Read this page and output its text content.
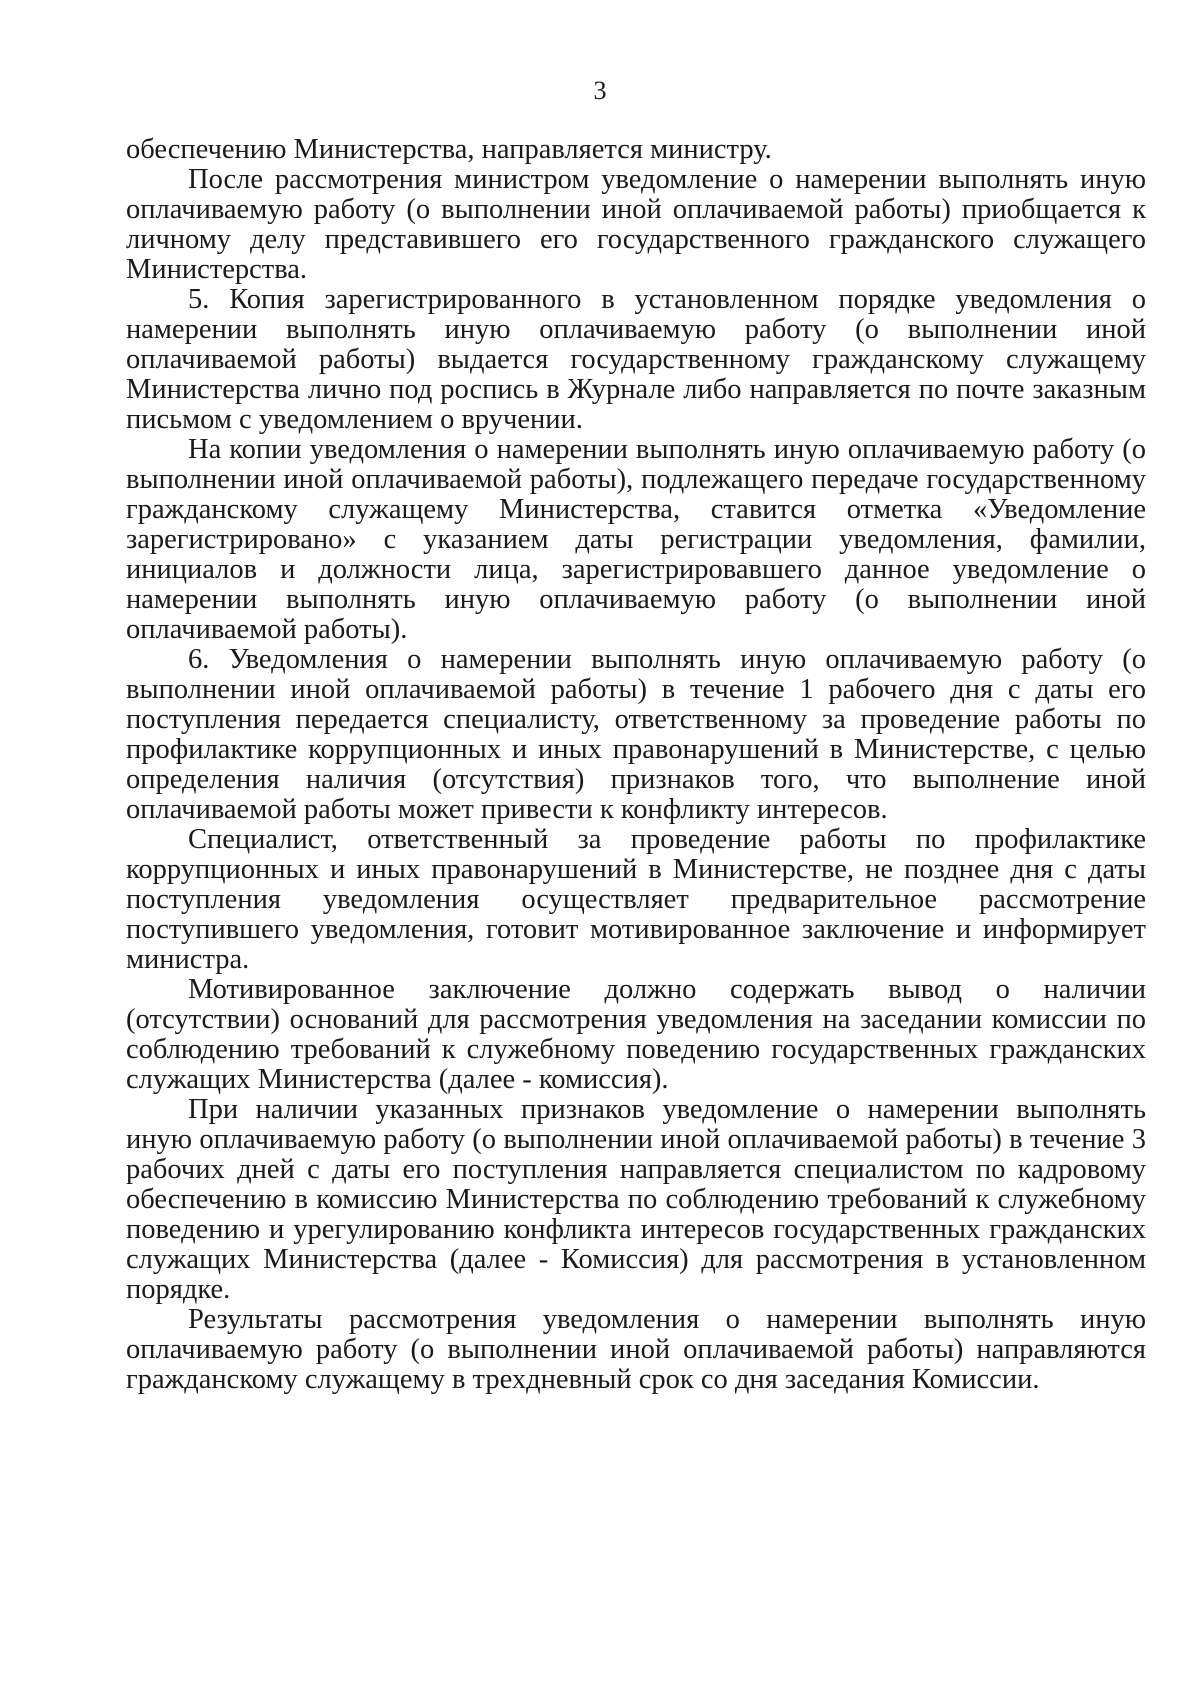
3

обеспечению Министерства, направляется министру.

После рассмотрения министром уведомление о намерении выполнять иную оплачиваемую работу (о выполнении иной оплачиваемой работы) приобщается к личному делу представившего его государственного гражданского служащего Министерства.

5. Копия зарегистрированного в установленном порядке уведомления о намерении выполнять иную оплачиваемую работу (о выполнении иной оплачиваемой работы) выдается государственному гражданскому служащему Министерства лично под роспись в Журнале либо направляется по почте заказным письмом с уведомлением о вручении.

На копии уведомления о намерении выполнять иную оплачиваемую работу (о выполнении иной оплачиваемой работы), подлежащего передаче государственному гражданскому служащему Министерства, ставится отметка «Уведомление зарегистрировано» с указанием даты регистрации уведомления, фамилии, инициалов и должности лица, зарегистрировавшего данное уведомление о намерении выполнять иную оплачиваемую работу (о выполнении иной оплачиваемой работы).

6. Уведомления о намерении выполнять иную оплачиваемую работу (о выполнении иной оплачиваемой работы) в течение 1 рабочего дня с даты его поступления передается специалисту, ответственному за проведение работы по профилактике коррупционных и иных правонарушений в Министерстве, с целью определения наличия (отсутствия) признаков того, что выполнение иной оплачиваемой работы может привести к конфликту интересов.

Специалист, ответственный за проведение работы по профилактике коррупционных и иных правонарушений в Министерстве, не позднее дня с даты поступления уведомления осуществляет предварительное рассмотрение поступившего уведомления, готовит мотивированное заключение и информирует министра.

Мотивированное заключение должно содержать вывод о наличии (отсутствии) оснований для рассмотрения уведомления на заседании комиссии по соблюдению требований к служебному поведению государственных гражданских служащих Министерства (далее - комиссия).

При наличии указанных признаков уведомление о намерении выполнять иную оплачиваемую работу (о выполнении иной оплачиваемой работы) в течение 3 рабочих дней с даты его поступления направляется специалистом по кадровому обеспечению в комиссию Министерства по соблюдению требований к служебному поведению и урегулированию конфликта интересов государственных гражданских служащих Министерства (далее - Комиссия) для рассмотрения в установленном порядке.

Результаты рассмотрения уведомления о намерении выполнять иную оплачиваемую работу (о выполнении иной оплачиваемой работы) направляются гражданскому служащему в трехдневный срок со дня заседания Комиссии.
